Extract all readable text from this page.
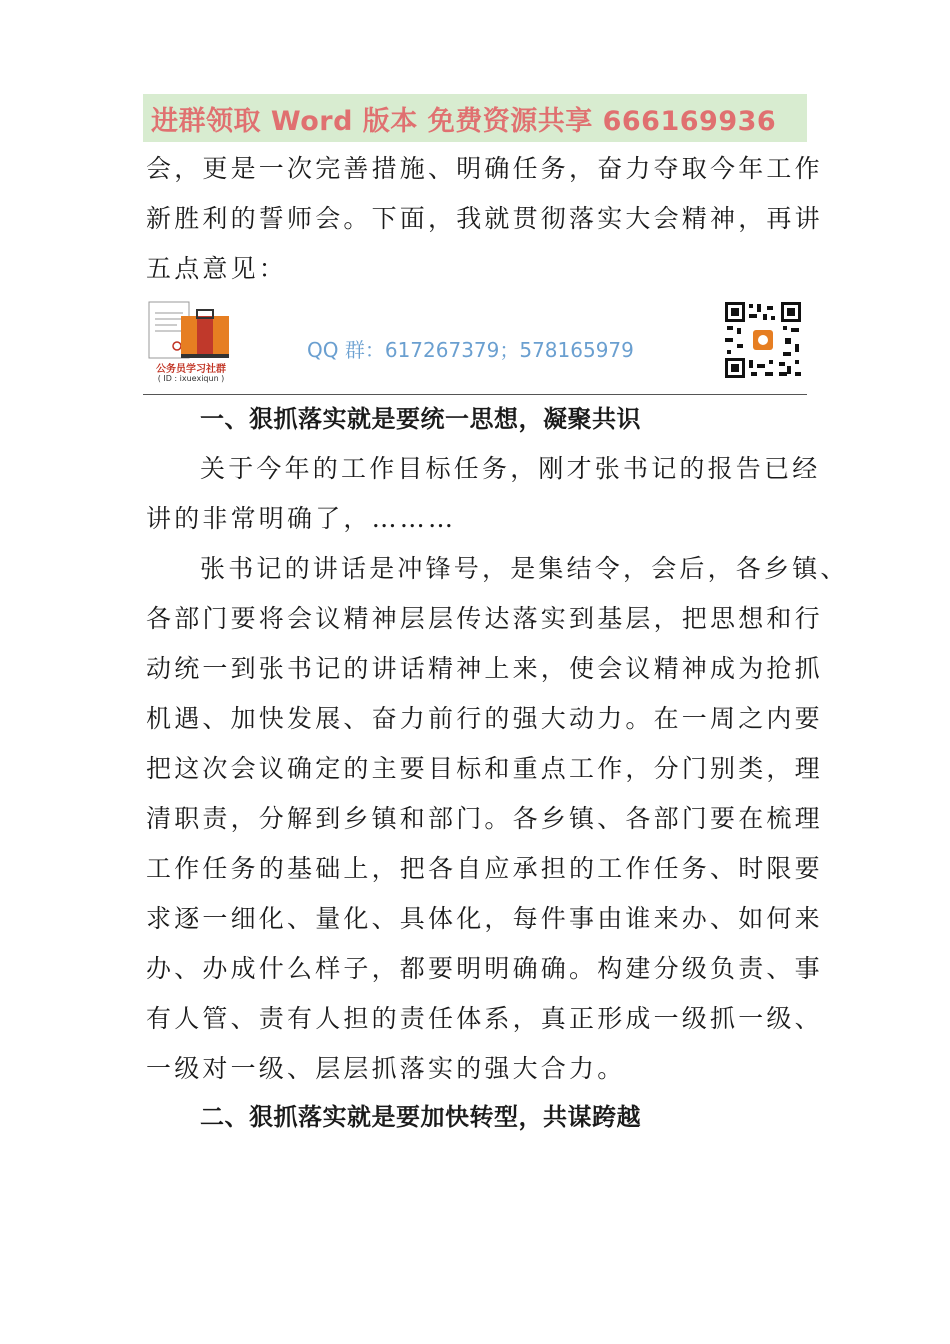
进群领取 Word 版本 免费资源共享 666169936
会，更是一次完善措施、明确任务，奋力夺取今年工作
新胜利的誓师会。下面，我就贯彻落实大会精神，再讲
五点意见：
公务员学习社群
( ID : ixuexiqun )
QQ 群：617267379；578165979
一、狠抓落实就是要统一思想，凝聚共识
关于今年的工作目标任务，刚才张书记的报告已经
讲的非常明确了，………
张书记的讲话是冲锋号，是集结令，会后，各乡镇、
各部门要将会议精神层层传达落实到基层，把思想和行
动统一到张书记的讲话精神上来，使会议精神成为抢抓
机遇、加快发展、奋力前行的强大动力。在一周之内要
把这次会议确定的主要目标和重点工作，分门别类，理
清职责，分解到乡镇和部门。各乡镇、各部门要在梳理
工作任务的基础上，把各自应承担的工作任务、时限要
求逐一细化、量化、具体化，每件事由谁来办、如何来
办、办成什么样子，都要明明确确。构建分级负责、事
有人管、责有人担的责任体系，真正形成一级抓一级、
一级对一级、层层抓落实的强大合力。
二、狠抓落实就是要加快转型，共谋跨越
